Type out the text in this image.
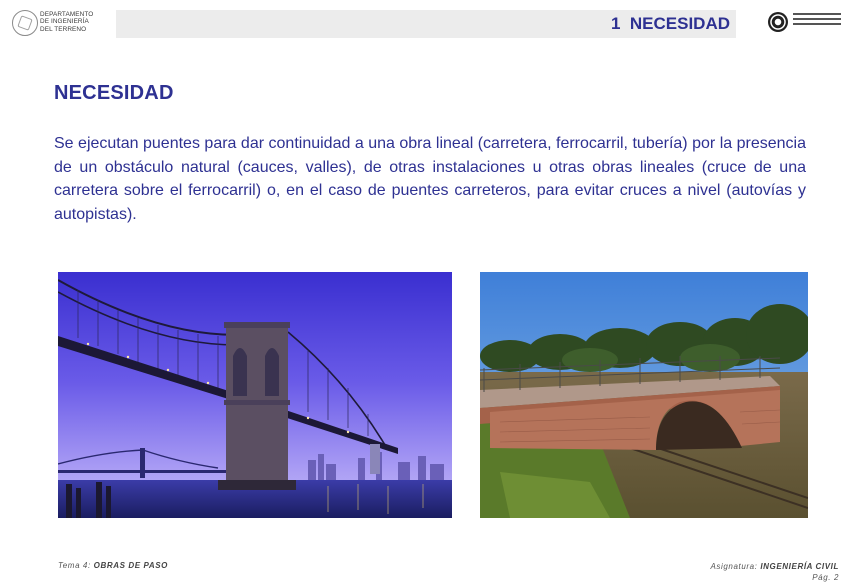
DEPARTAMENTO
DE INGENIERÍA
DEL TERRENO	1  NECESIDAD
NECESIDAD
Se ejecutan puentes para dar continuidad a una obra lineal (carretera, ferrocarril, tubería) por la presencia de un obstáculo natural (cauces, valles), de otras instalaciones u otras obras lineales (cruce de una carretera sobre el ferrocarril) o, en el caso de puentes carreteros, para evitar cruces a nivel (autovías y autopistas).
Tema 4: OBRAS DE PASO	Asignatura: INGENIERÍA CIVIL
Pág. 2
